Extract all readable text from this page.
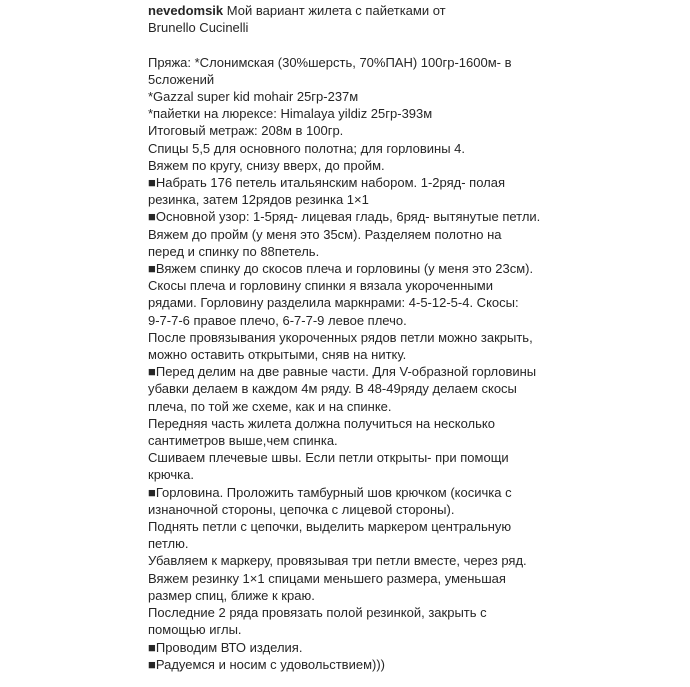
nevedomsik Мой вариант жилета с пайетками от
Brunello Cucinelli
Пряжа: *Слонимская (30%шерсть, 70%ПАН) 100гр-1600м- в
5сложений
*Gazzal super kid mohair 25гр-237м
*пайетки на люрексе: Himalaya yildiz 25гр-393м
Итоговый метраж: 208м в 100гр.
Спицы 5,5 для основного полотна; для горловины 4.
Вяжем по кругу, снизу вверх, до пройм.
■Набрать 176 петель итальянским набором. 1-2ряд- полая
резинка, затем 12рядов резинка 1×1
■Основной узор: 1-5ряд- лицевая гладь, 6ряд- вытянутые петли.
Вяжем до пройм (у меня это 35см). Разделяем полотно на
перед и спинку по 88петель.
■Вяжем спинку до скосов плеча и горловины (у меня это 23см).
Скосы плеча и горловину спинки я вязала укороченными
рядами. Горловину разделила маркнрами: 4-5-12-5-4. Скосы:
9-7-7-6 правое плечо, 6-7-7-9 левое плечо.
После провязывания укороченных рядов петли можно закрыть,
можно оставить открытыми, сняв на нитку.
■Перед делим на две равные части. Для V-образной горловины
убавки делаем в каждом 4м ряду. В 48-49ряду делаем скосы
плеча, по той же схеме, как и на спинке.
Передняя часть жилета должна получиться на несколько
сантиметров выше,чем спинка.
Сшиваем плечевые швы. Если петли открыты- при помощи
крючка.
■Горловина. Проложить тамбурный шов крючком (косичка с
изнаночной стороны, цепочка с лицевой стороны).
Поднять петли с цепочки, выделить маркером центральную
петлю.
Убавляем к маркеру, провязывая три петли вместе, через ряд.
Вяжем резинку 1×1 спицами меньшего размера, уменьшая
размер спиц, ближе к краю.
Последние 2 ряда провязать полой резинкой, закрыть с
помощью иглы.
■Проводим ВТО изделия.
■Радуемся и носим с удовольствием)))
